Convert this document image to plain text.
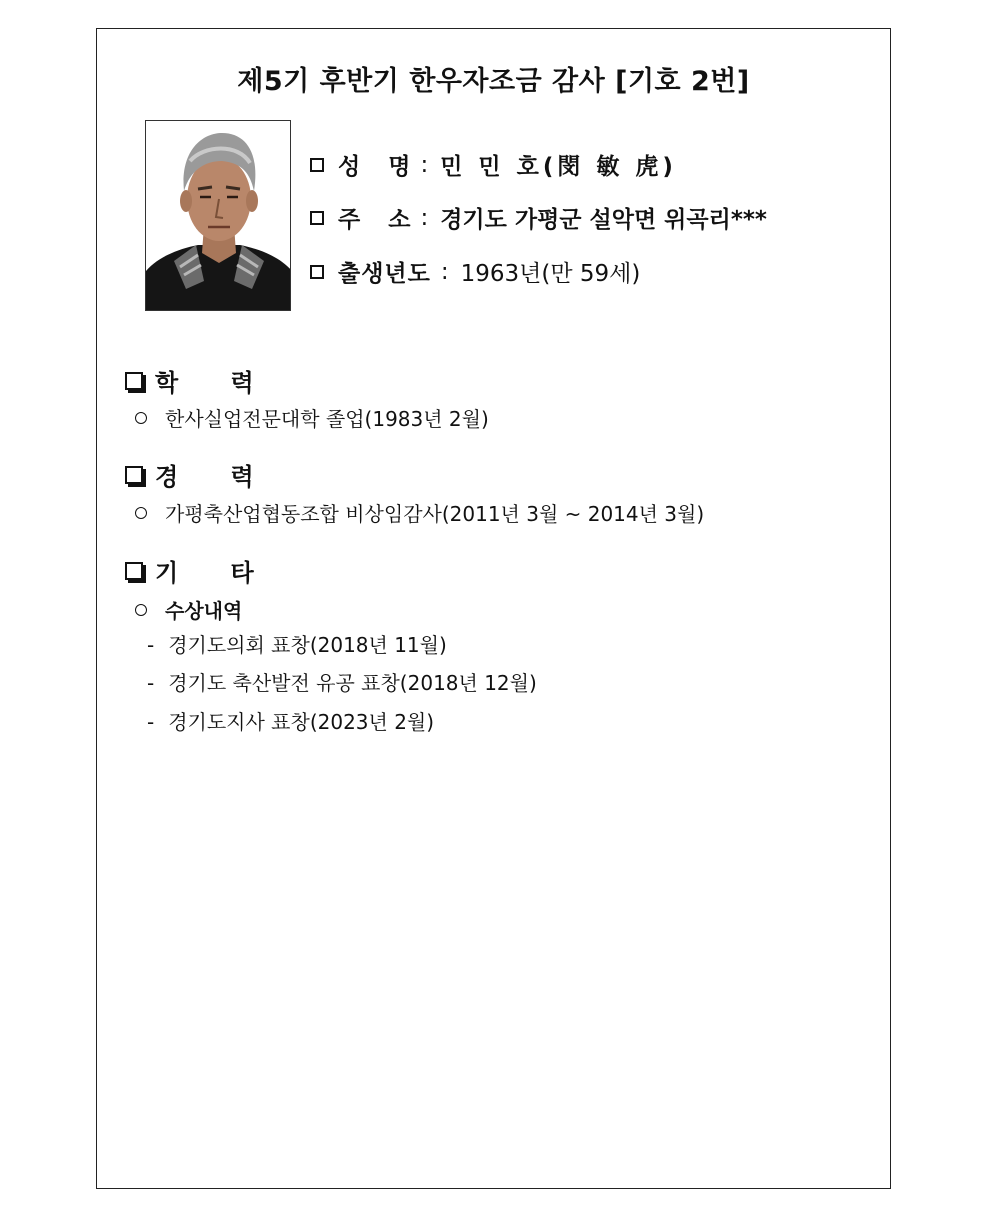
제5기 후반기 한우자조금 감사 [기호 2번]
성 명 : 민 민 호(閔 敏 虎)
주 소 : 경기도 가평군 설악면 위곡리***
출생년도 : 1963년(만 59세)
학 력
한사실업전문대학 졸업(1983년 2월)
경 력
가평축산업협동조합 비상임감사(2011년 3월 ~ 2014년 3월)
기 타
수상내역
- 경기도의회 표창(2018년 11월)
- 경기도 축산발전 유공 표창(2018년 12월)
- 경기도지사 표창(2023년 2월)
